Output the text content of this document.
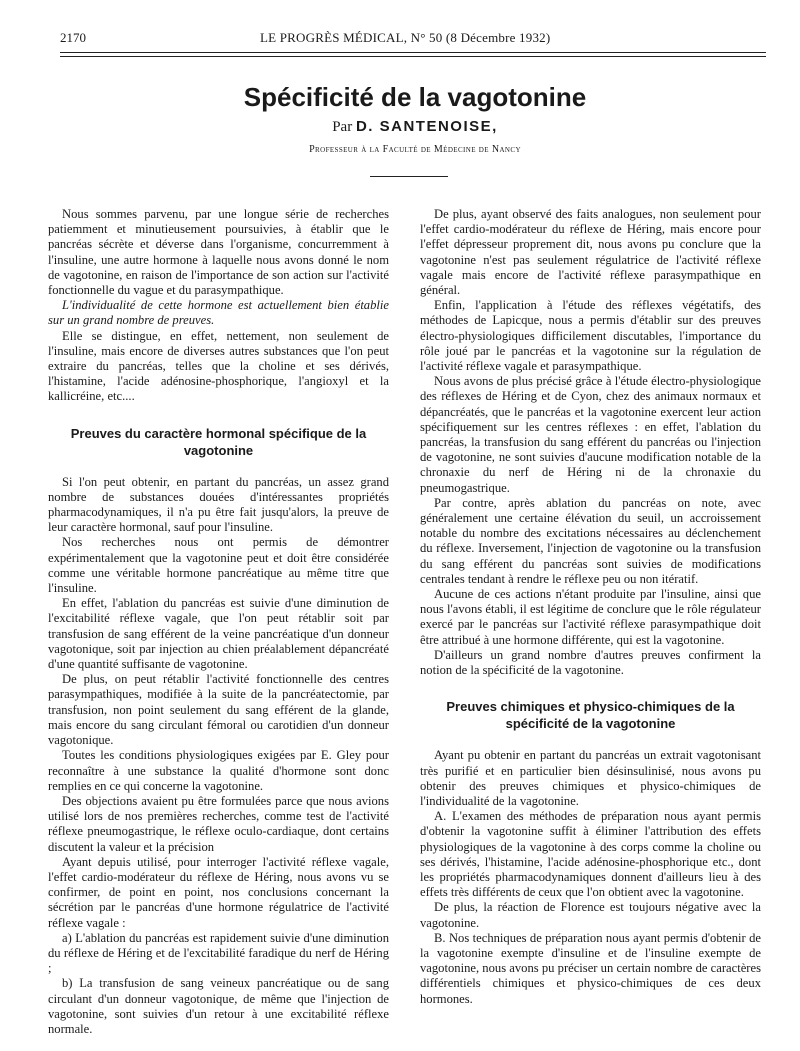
2170	LE PROGRÈS MÉDICAL, N° 50 (8 Décembre 1932)
Spécificité de la vagotonine
Par D. SANTENOISE,
Professeur à la Faculté de Médecine de Nancy

Nous sommes parvenu, par une longue série de recherches patiemment et minutieusement poursuivies, à établir que le pancréas sécrète et déverse dans l'organisme, concurremment à l'insuline, une autre hormone à laquelle nous avons donné le nom de vagotonine, en raison de l'importance de son action sur l'activité fonctionnelle du vague et du parasympathique.

L'individualité de cette hormone est actuellement bien établie sur un grand nombre de preuves.

Elle se distingue, en effet, nettement, non seulement de l'insuline, mais encore de diverses autres substances que l'on peut extraire du pancréas, telles que la choline et ses dérivés, l'histamine, l'acide adénosine-phosphorique, l'angioxyl et la kallicréine, etc....

Preuves du caractère hormonal spécifique de la vagotonine

Si l'on peut obtenir, en partant du pancréas, un assez grand nombre de substances douées d'intéressantes propriétés pharmacodynamiques, il n'a pu être fait jusqu'alors, la preuve de leur caractère hormonal, sauf pour l'insuline.

Nos recherches nous ont permis de démontrer expérimentalement que la vagotonine peut et doit être considérée comme une véritable hormone pancréatique au même titre que l'insuline.

En effet, l'ablation du pancréas est suivie d'une diminution de l'excitabilité réflexe vagale, que l'on peut rétablir soit par transfusion de sang efférent de la veine pancréatique d'un donneur vagotonique, soit par injection au chien préalablement dépancréaté d'une quantité suffisante de vagotonine.

De plus, on peut rétablir l'activité fonctionnelle des centres parasympathiques, modifiée à la suite de la pancréatectomie, par transfusion, non point seulement du sang efférent de la glande, mais encore du sang circulant fémoral ou carotidien d'un donneur vagotonique.

Toutes les conditions physiologiques exigées par E. Gley pour reconnaître à une substance la qualité d'hormone sont donc remplies en ce qui concerne la vagotonine.

Des objections avaient pu être formulées parce que nous avions utilisé lors de nos premières recherches, comme test de l'activité réflexe pneumogastrique, le réflexe oculo-cardiaque, dont certains discutent la valeur et la précision

Ayant depuis utilisé, pour interroger l'activité réflexe vagale, l'effet cardio-modérateur du réflexe de Héring, nous avons vu se confirmer, de point en point, nos conclusions concernant la sécrétion par le pancréas d'une hormone régulatrice de l'activité réflexe vagale :

a) L'ablation du pancréas est rapidement suivie d'une diminution du réflexe de Héring et de l'excitabilité faradique du nerf de Héring ;

b) La transfusion de sang veineux pancréatique ou de sang circulant d'un donneur vagotonique, de même que l'injection de vagotonine, sont suivies d'un retour à une excitabilité réflexe normale.

De plus, ayant observé des faits analogues, non seulement pour l'effet cardio-modérateur du réflexe de Héring, mais encore pour l'effet dépresseur proprement dit, nous avons pu conclure que la vagotonine n'est pas seulement régulatrice de l'activité réflexe vagale mais encore de l'activité réflexe parasympathique en général.

Enfin, l'application à l'étude des réflexes végétatifs, des méthodes de Lapicque, nous a permis d'établir sur des preuves électro-physiologiques difficilement discutables, l'importance du rôle joué par le pancréas et la vagotonine sur la régulation de l'activité réflexe vagale et parasympathique.

Nous avons de plus précisé grâce à l'étude électro-physiologique des réflexes de Héring et de Cyon, chez des animaux normaux et dépancréatés, que le pancréas et la vagotonine exercent leur action spécifiquement sur les centres réflexes : en effet, l'ablation du pancréas, la transfusion du sang efférent du pancréas ou l'injection de vagotonine, ne sont suivies d'aucune modification notable de la chronaxie du nerf de Héring ni de la chronaxie du pneumogastrique.

Par contre, après ablation du pancréas on note, avec généralement une certaine élévation du seuil, un accroissement notable du nombre des excitations nécessaires au déclenchement du réflexe. Inversement, l'injection de vagotonine ou la transfusion du sang efférent du pancréas sont suivies de modifications centrales tendant à rendre le réflexe peu ou non itératif.

Aucune de ces actions n'étant produite par l'insuline, ainsi que nous l'avons établi, il est légitime de conclure que le rôle régulateur exercé par le pancréas sur l'activité réflexe parasympathique doit être attribué à une hormone différente, qui est la vagotonine.

D'ailleurs un grand nombre d'autres preuves confirment la notion de la spécificité de la vagotonine.

Preuves chimiques et physico-chimiques de la spécificité de la vagotonine

Ayant pu obtenir en partant du pancréas un extrait vagotonisant très purifié et en particulier bien désinsulinisé, nous avons pu obtenir des preuves chimiques et physico-chimiques de l'individualité de la vagotonine.

A. L'examen des méthodes de préparation nous ayant permis d'obtenir la vagotonine suffit à éliminer l'attribution des effets physiologiques de la vagotonine à des corps comme la choline ou ses dérivés, l'histamine, l'acide adénosine-phosphorique etc., dont les propriétés pharmacodynamiques donnent d'ailleurs lieu à des effets très différents de ceux que l'on obtient avec la vagotonine.

De plus, la réaction de Florence est toujours négative avec la vagotonine.

B. Nos techniques de préparation nous ayant permis d'obtenir de la vagotonine exempte d'insuline et de l'insuline exempte de vagotonine, nous avons pu préciser un certain nombre de caractères différentiels chimiques et physico-chimiques de ces deux hormones.
